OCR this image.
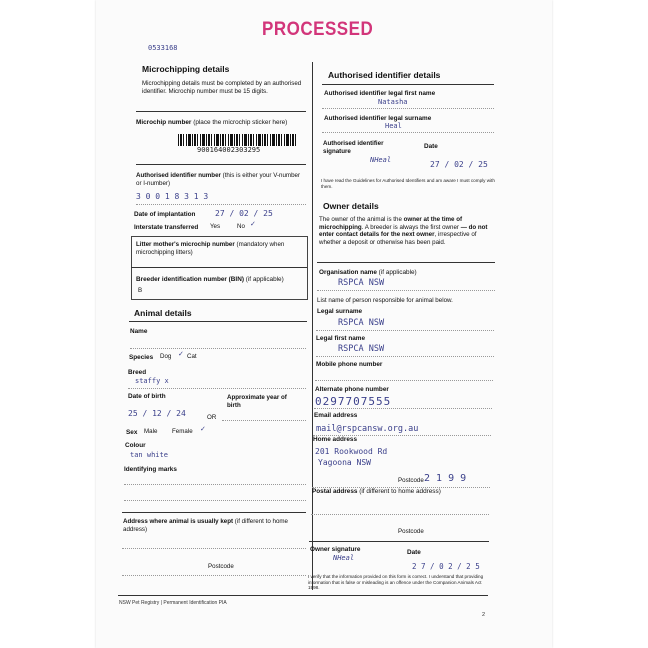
0533168
PROCESSED
Microchipping details
Microchipping details must be completed by an authorised identifier. Microchip number must be 15 digits.
Microchip number (place the microchip sticker here)
900164002303295
Authorised identifier number (this is either your V-number or I-number)
3 0 0 1 8 3 1 3
Date of implantation 27 / 02 / 25
Interstate transferred Yes	No ✓
Litter mother's microchip number (mandatory when microchipping litters)
Breeder identification number (BIN) (if applicable)
B
Animal details
Name
Species Dog ✓ Cat
Breed
staffy x
Date of birth	Approximate year of birth
25 / 12 / 24	OR
Sex Male Female ✓
Colour
tan white
Identifying marks
Address where animal is usually kept (if different to home address)
Postcode
Authorised identifier details
Authorised identifier legal first name
Natasha
Authorised identifier legal surname
Heal
Authorised identifier signature
NHeal
Date
27 / 02 / 25
I have read the Guidelines for Authorised Identifiers and am aware I must comply with them.
Owner details
The owner of the animal is the owner at the time of microchipping. A breeder is always the first owner — do not enter contact details for the next owner, irrespective of whether a deposit or otherwise has been paid.
Organisation name (if applicable)
RSPCA NSW
List name of person responsible for animal below.
Legal surname
RSPCA NSW
Legal first name
RSPCA NSW
Mobile phone number
Alternate phone number
0297707555
Email address
mail@rspcansw.org.au
Home address
201 Rookwood Rd
Yagoona NSW
Postcode 2 1 9 9
Postal address (if different to home address)
Postcode
Owner signature
NHeal
Date
2 7 / 0 2 / 2 5
I verify that the information provided on this form is correct. I understand that providing information that is false or misleading is an offence under the Companion Animals Act 1998.
NSW Pet Registry | Permanent Identification PIA
2
